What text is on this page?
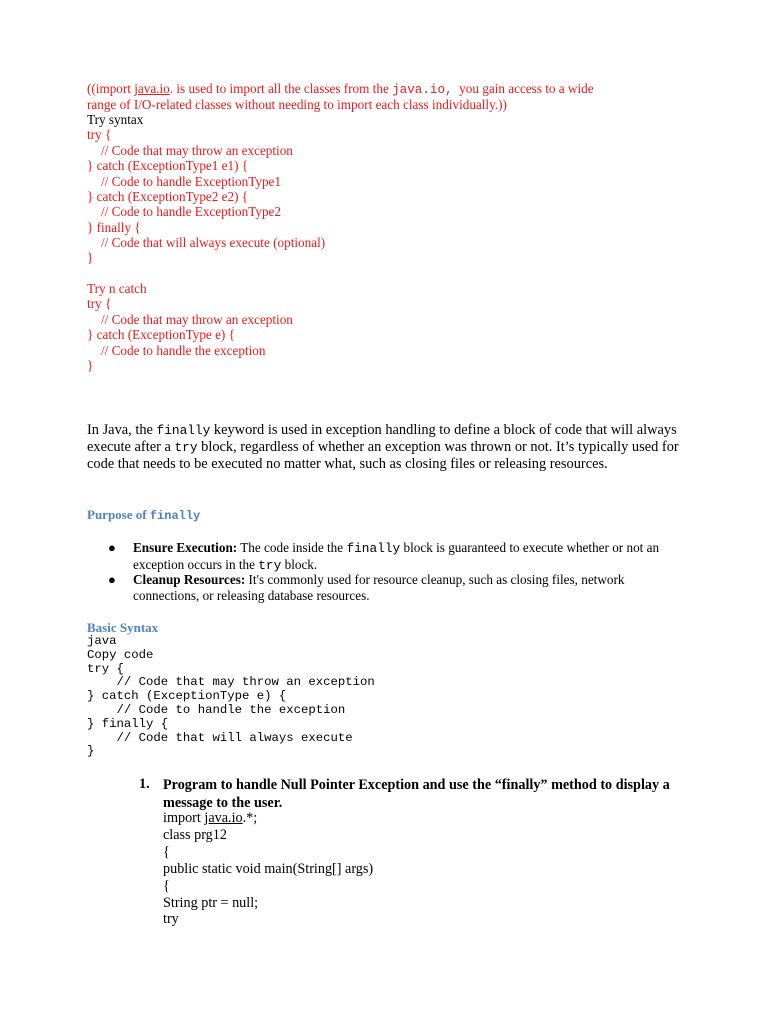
((import java.io. is used to import all the classes from the java.io,  you gain access to a wide
range of I/O-related classes without needing to import each class individually.))
Try syntax
try {
// Code that may throw an exception
} catch (ExceptionType1 e1) {
// Code to handle ExceptionType1
} catch (ExceptionType2 e2) {
// Code to handle ExceptionType2
} finally {
// Code that will always execute (optional)
}
Try n catch
try {
// Code that may throw an exception
} catch (ExceptionType e) {
// Code to handle the exception
}
In Java, the finally keyword is used in exception handling to define a block of code that will always execute after a try block, regardless of whether an exception was thrown or not. It’s typically used for code that needs to be executed no matter what, such as closing files or releasing resources.
Purpose of finally
● Ensure Execution: The code inside the finally block is guaranteed to execute whether or not an exception occurs in the try block.
● Cleanup Resources: It's commonly used for resource cleanup, such as closing files, network connections, or releasing database resources.
Basic Syntax
java
Copy code
try {
// Code that may throw an exception
} catch (ExceptionType e) {
// Code to handle the exception
} finally {
// Code that will always execute
}
1. Program to handle Null Pointer Exception and use the “finally” method to display a message to the user.
import java.io.*;
class prg12
{
public static void main(String[] args)
{
String ptr = null;
try
